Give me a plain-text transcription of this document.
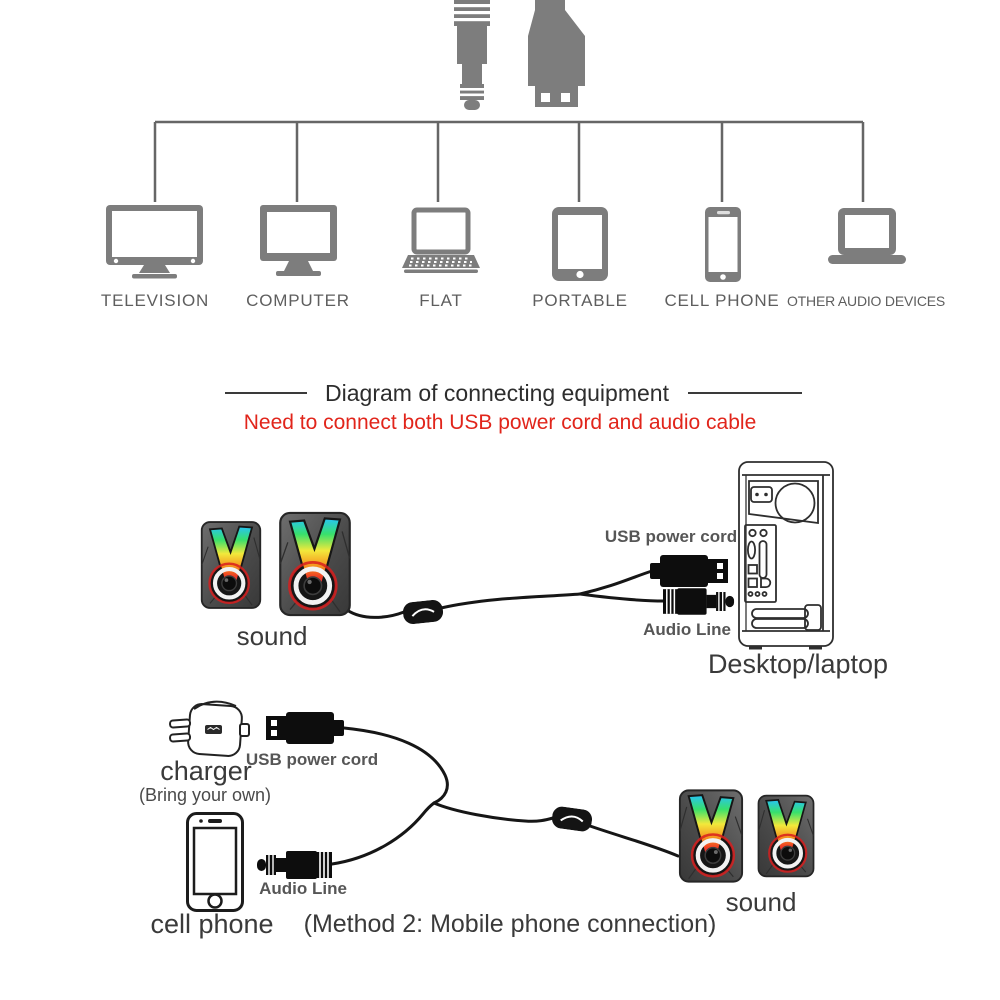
TELEVISION COMPUTER	FLAT	PORTABLE CELL PHONE OTHER AUDIO DEVICES
Diagram of connecting equipment
Need to connect both USB power cord and audio cable
sound
USB power cord
Audio Line
Desktop/laptop
charger
(Bring your own)
USB power cord
cell phone
Audio Line	sound
(Method 2: Mobile phone connection)
